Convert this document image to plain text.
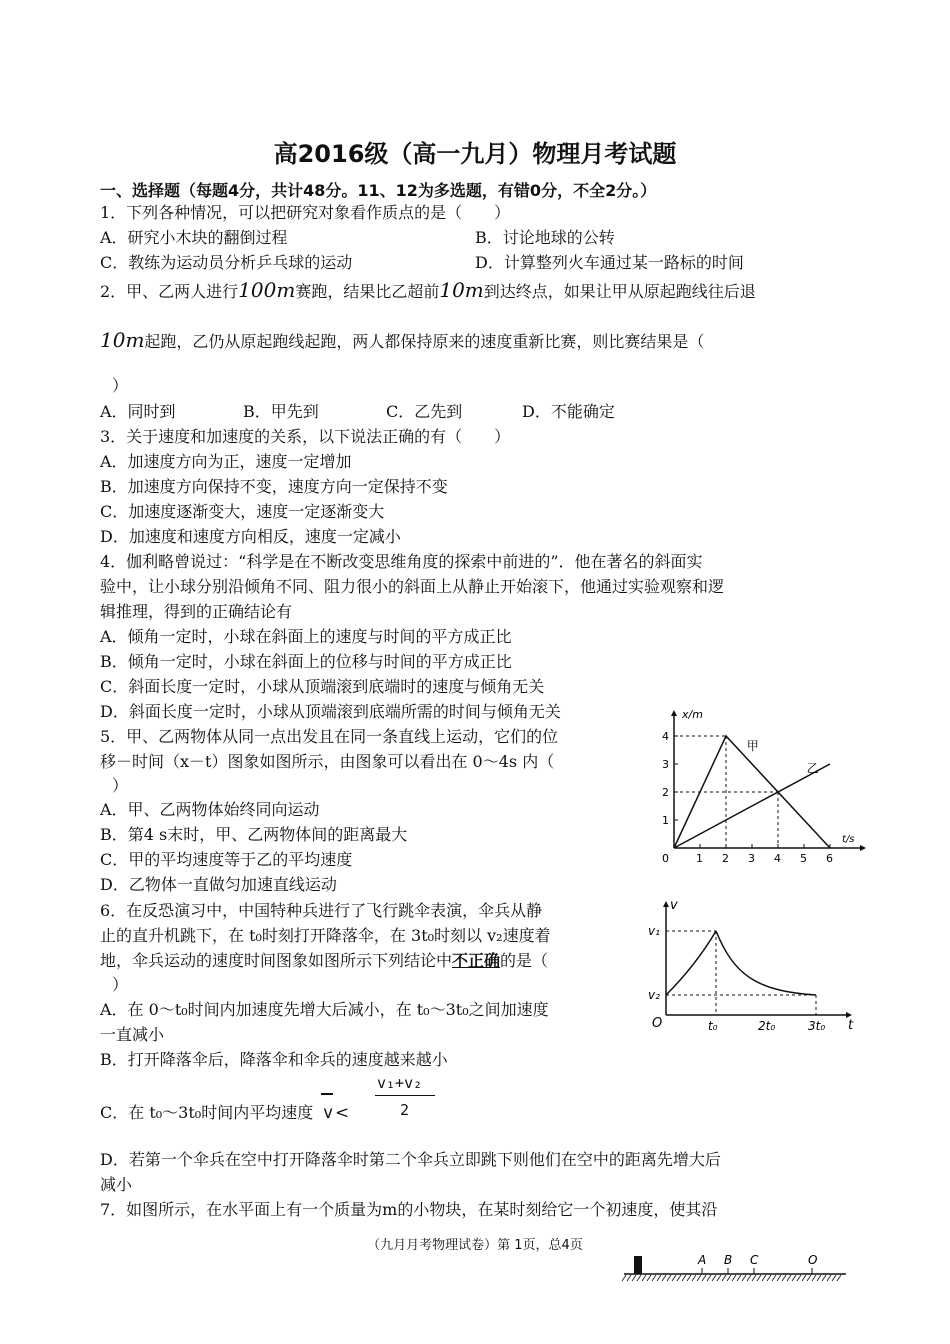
高2016级（高一九月）物理月考试题
一、选择题（每题4分，共计48分。11、12为多选题，有错0分，不全2分。）
1．下列各种情况，可以把研究对象看作质点的是（　　）
A．研究小木块的翻倒过程	B．讨论地球的公转
C．教练为运动员分析乒乓球的运动	D．计算整列火车通过某一路标的时间
2．甲、乙两人进行100m赛跑，结果比乙超前10m到达终点，如果让甲从原起跑线往后退
10m起跑，乙仍从原起跑线起跑，两人都保持原来的速度重新比赛，则比赛结果是（
）
A．同时到	B．甲先到	C．乙先到	D．不能确定
3．关于速度和加速度的关系，以下说法正确的有（　　）
A．加速度方向为正，速度一定增加
B．加速度方向保持不变，速度方向一定保持不变
C．加速度逐渐变大，速度一定逐渐变大
D．加速度和速度方向相反，速度一定减小
4．伽利略曾说过：“科学是在不断改变思维角度的探索中前进的”．他在著名的斜面实
验中，让小球分别沿倾角不同、阻力很小的斜面上从静止开始滚下，他通过实验观察和逻
辑推理，得到的正确结论有
A．倾角一定时，小球在斜面上的速度与时间的平方成正比
B．倾角一定时，小球在斜面上的位移与时间的平方成正比
C．斜面长度一定时，小球从顶端滚到底端时的速度与倾角无关
D．斜面长度一定时，小球从顶端滚到底端所需的时间与倾角无关
5．甲、乙两物体从同一点出发且在同一条直线上运动，它们的位
移－时间（x－t）图象如图所示，由图象可以看出在 0～4s 内（
）
A．甲、乙两物体始终同向运动
B．第4 s末时，甲、乙两物体间的距离最大
C．甲的平均速度等于乙的平均速度
D．乙物体一直做匀加速直线运动
6．在反恐演习中，中国特种兵进行了飞行跳伞表演，伞兵从静
止的直升机跳下，在 t₀时刻打开降落伞，在 3t₀时刻以 v₂速度着
地，伞兵运动的速度时间图象如图所示下列结论中不正确的是（
）
A．在 0～t₀时间内加速度先增大后减小，在 t₀～3t₀之间加速度
一直减小
B．打开降落伞后，降落伞和伞兵的速度越来越小
C．在 t₀～3t₀时间内平均速度 v <
v₁+v₂
2
D．若第一个伞兵在空中打开降落伞时第二个伞兵立即跳下则他们在空中的距离先增大后
减小
7．如图所示，在水平面上有一个质量为m的小物块，在某时刻给它一个初速度，使其沿
（九月月考物理试卷）第 1页，总4页
x/m
t/s
0 1 2 3 4 5 6
1
2
3
4
甲
乙
v
t
O	t₀	2t₀	3t₀
v₁
v₂
A B C	O
